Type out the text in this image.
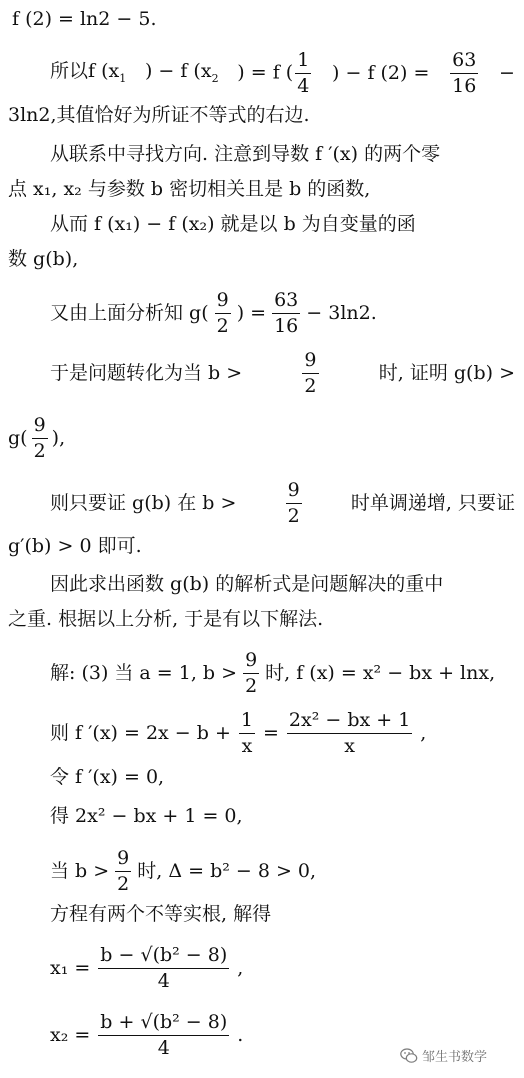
f (2) = ln2 − 5.
所以f ($x_1$ ) − f ($x_2$ ) = f ( $\frac{1}{4}$ ) − f $(2) = \frac{63}{16}$ −
3ln2,其值恰好为所证不等式的右边.
从联系中寻找方向. 注意到导数 f ′(x) 的两个零
点 x₁, x₂ 与参数 b 密切相关且是 b 的函数,
从而 f (x₁) − f (x₂) 就是以 b 为自变量的函
数 g(b),
又由上面分析知 $g( \frac{9}{2}$ ) = $\frac{63}{16} - 3\ln 2$.
于是问题转化为当 b >	$\frac{9}{2}$	时, 证明 g(b) >
$g( \frac{9}{2}$ ),
则只要证 g(b) 在 b >	$\frac{9}{2}$	时单调递增, 只要证
g′(b) > 0 即可.
因此求出函数 g(b) 的解析式是问题解决的重中
之重. 根据以上分析, 于是有以下解法.
解: (3) 当 a = 1, $b > \frac{9}{2}$ 时, f (x) = x² − bx + lnx,
则 f $'(x) = 2x - b + \frac{1}{x} = \frac{\text{2x² − bx + 1}}{x}$ ,
令 f ′(x) = 0,
得 2x² − bx + 1 = 0,
当 $b > \frac{9}{2}$ 时, Δ = b² − 8 > 0,
方程有两个不等实根, 解得
$x_1 = \frac{\text{b − √(b² − 8)}}{4}$ ,
$x_2 = \frac{\text{b + √(b² − 8)}}{4}$ .
邹生书数学
